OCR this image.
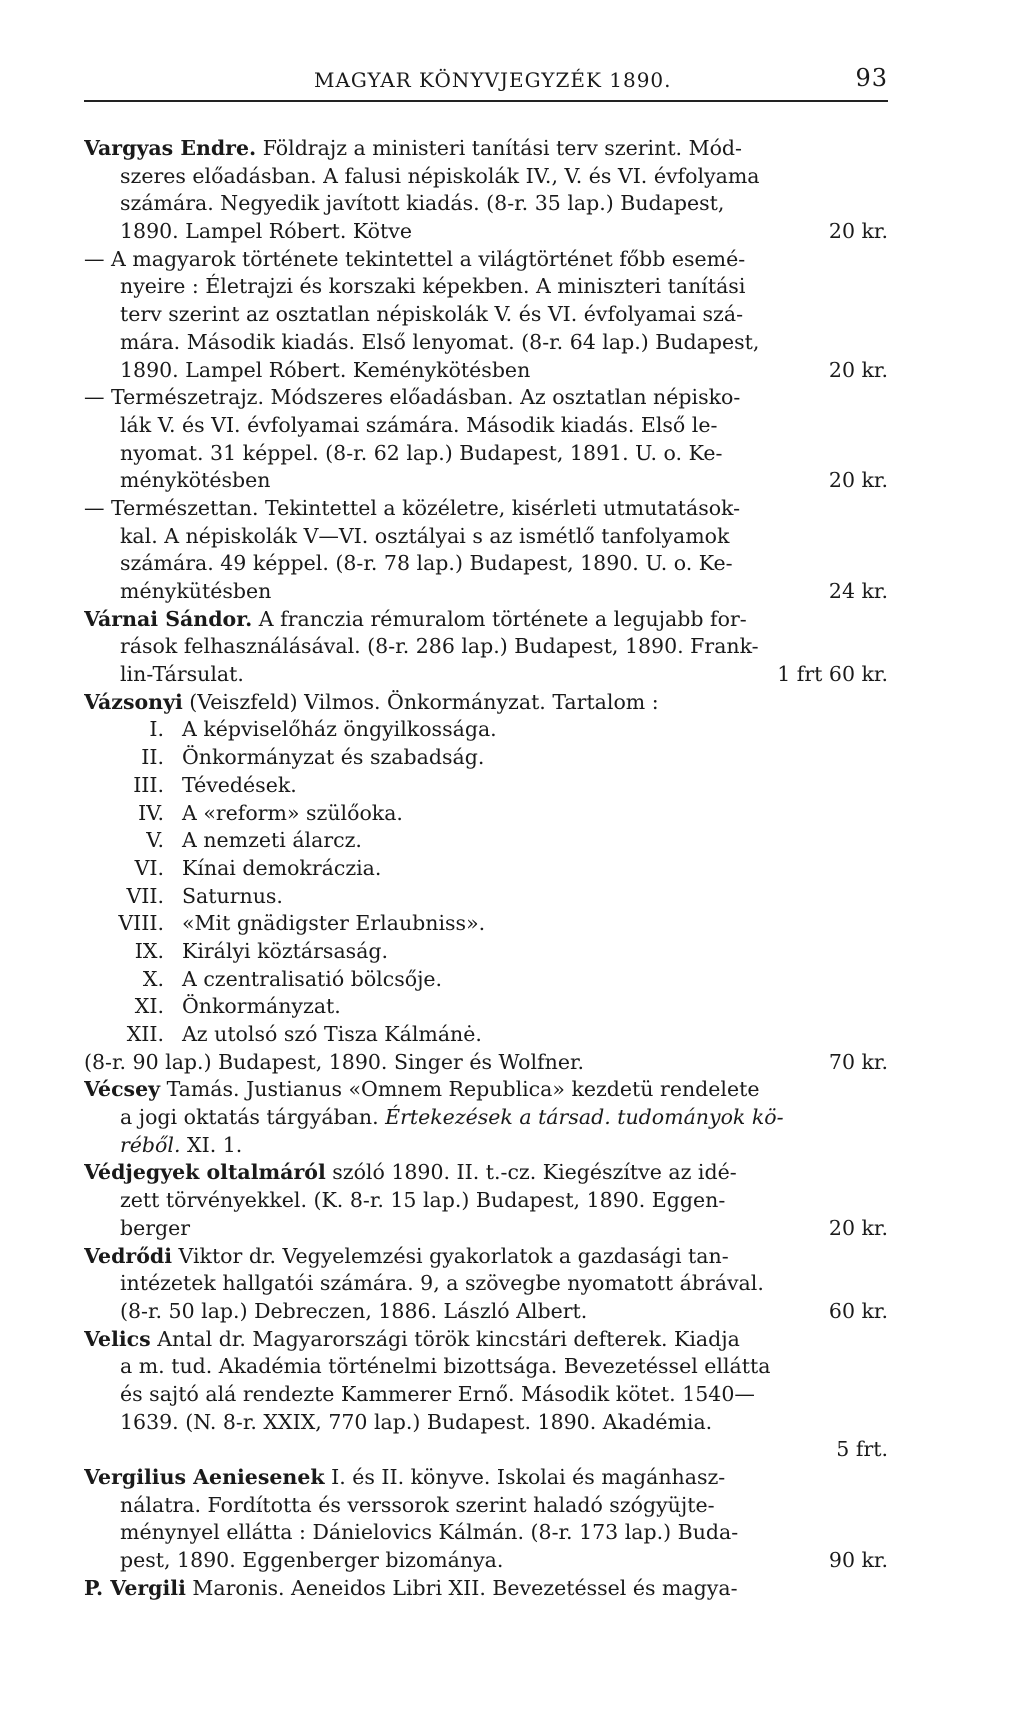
MAGYAR KÖNYVJEGYZÉK 1890.	93
Vargyas Endre. Földrajz a ministeri tanítási terv szerint. Mód-
szeres előadásban. A falusi népiskolák IV., V. és VI. évfolyama
számára. Negyedik javított kiadás. (8-r. 35 lap.) Budapest,
1890. Lampel Róbert. Kötve	20 kr.
— A magyarok története tekintettel a világtörténet főbb esemé-
nyeire : Életrajzi és korszaki képekben. A miniszteri tanítási
terv szerint az osztatlan népiskolák V. és VI. évfolyamai szá-
mára. Második kiadás. Első lenyomat. (8-r. 64 lap.) Budapest,
1890. Lampel Róbert. Keménykötésben	20 kr.
— Természetrajz. Módszeres előadásban. Az osztatlan népisko-
lák V. és VI. évfolyamai számára. Második kiadás. Első le-
nyomat. 31 képpel. (8-r. 62 lap.) Budapest, 1891. U. o. Ke-
ménykötésben	20 kr.
— Természettan. Tekintettel a közéletre, kisérleti utmutatások-
kal. A népiskolák V—VI. osztályai s az ismétlő tanfolyamok
számára. 49 képpel. (8-r. 78 lap.) Budapest, 1890. U. o. Ke-
ménykütésben	24 kr.
Várnai Sándor. A franczia rémuralom története a legujabb for-
rások felhasználásával. (8-r. 286 lap.) Budapest, 1890. Frank-
lin-Társulat.	1 frt 60 kr.
Vázsonyi (Veiszfeld) Vilmos. Önkormányzat. Tartalom :
I. A képviselőház öngyilkossága.
II. Önkormányzat és szabadság.
III. Tévedések.
IV. A «reform» szülőoka.
V. A nemzeti álarcz.
VI. Kínai demokráczia.
VII. Saturnus.
VIII. «Mit gnädigster Erlaubniss».
IX. Királyi köztársaság.
X. A czentralisatió bölcsője.
XI. Önkormányzat.
XII. Az utolsó szó Tisza Kálmánė.
(8-r. 90 lap.) Budapest, 1890. Singer és Wolfner.	70 kr.
Vécsey Tamás. Justianus «Omnem Republica» kezdetü rendelete
a jogi oktatás tárgyában. Értekezések a társad. tudományok kö-
réből. XI. 1.
Védjegyek oltalmáról szóló 1890. II. t.-cz. Kiegészítve az idé-
zett törvényekkel. (K. 8-r. 15 lap.) Budapest, 1890. Eggen-
berger	20 kr.
Vedrődi Viktor dr. Vegyelemzési gyakorlatok a gazdasági tan-
intézetek hallgatói számára. 9, a szövegbe nyomatott ábrával.
(8-r. 50 lap.) Debreczen, 1886. László Albert.	60 kr.
Velics Antal dr. Magyarországi török kincstári defterek. Kiadja
a m. tud. Akadémia történelmi bizottsága. Bevezetéssel ellátta
és sajtó alá rendezte Kammerer Ernő. Második kötet. 1540—
1639. (N. 8-r. XXIX, 770 lap.) Budapest. 1890. Akadémia.
5 frt.
Vergilius Aeniesenek I. és II. könyve. Iskolai és magánhasz-
nálatra. Fordította és verssorok szerint haladó szógyüjte-
ménynyel ellátta : Dánielovics Kálmán. (8-r. 173 lap.) Buda-
pest, 1890. Eggenberger bizománya.	90 kr.
P. Vergili Maronis. Aeneidos Libri XII. Bevezetéssel és magya-
